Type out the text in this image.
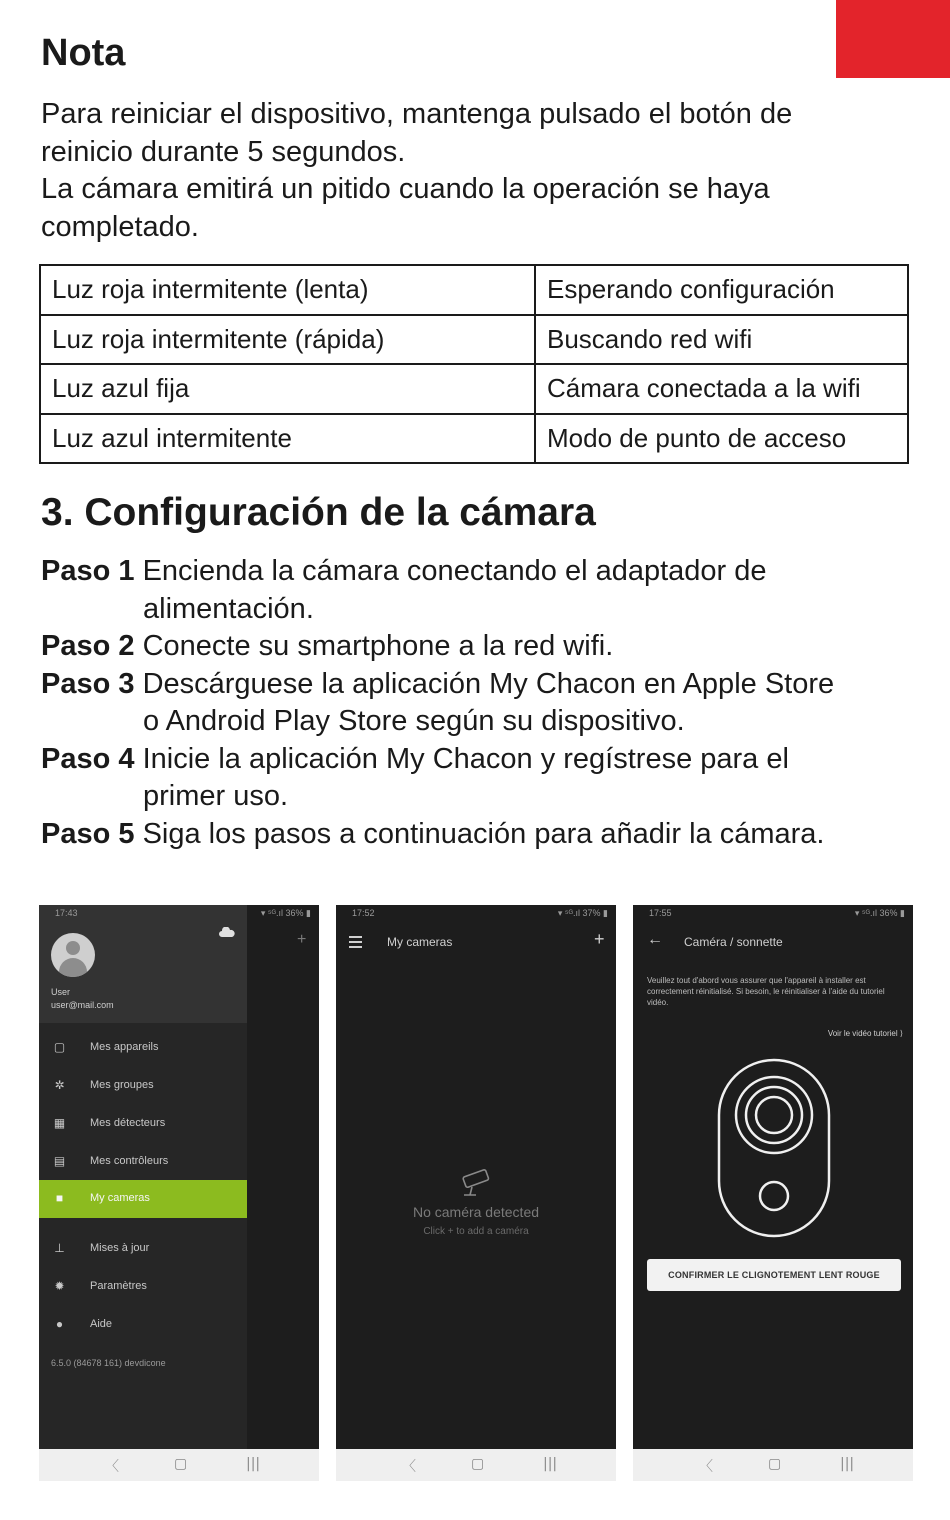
Nota

Para reiniciar el dispositivo, mantenga pulsado el botón de

reinicio durante 5 segundos.

La cámara emitirá un pitido cuando la operación se haya

completado.

Luz roja intermitente (lenta)	Esperando configuración
Luz roja intermitente (rápida)	Buscando red wifi
Luz azul fija	Cámara conectada a la wifi
Luz azul intermitente	Modo de punto de acceso
3. Configuración de la cámara
Paso 1 Encienda la cámara conectando el adaptador de
alimentación.
Paso 2 Conecte su smartphone a la red wifi.
Paso 3 Descárguese la aplicación My Chacon en Apple Store
o Android Play Store según su dispositivo.
Paso 4 Inicie la aplicación My Chacon y regístrese para el
primer uso.
Paso 5 Siga los pasos a continuación para añadir la cámara.
User
user@mail.com
▢ Mes appareils
✲ Mes groupes
▦ Mes détecteurs
▤ Mes contrôleurs
■ My cameras
⊥ Mises à jour
✹ Paramètres
● Aide
6.5.0 (84678 161) devdicone
+
17:43	▾ ⁵ᴳ.ıl 36% ▮
〈	▢	|||
17:52	▾ ⁵ᴳ.ıl 37% ▮
My cameras	+
No caméra detected
Click + to add a caméra
〈	▢	|||
17:55	▾ ⁵ᴳ.ıl 36% ▮
← Caméra / sonnette
Veuillez tout d'abord vous assurer que l'appareil à installer est correctement réinitialisé. Si besoin, le réinitialiser à l'aide du tutoriel vidéo.
Voir le vidéo tutoriel ⟩
CONFIRMER LE CLIGNOTEMENT LENT ROUGE
〈	▢	|||
